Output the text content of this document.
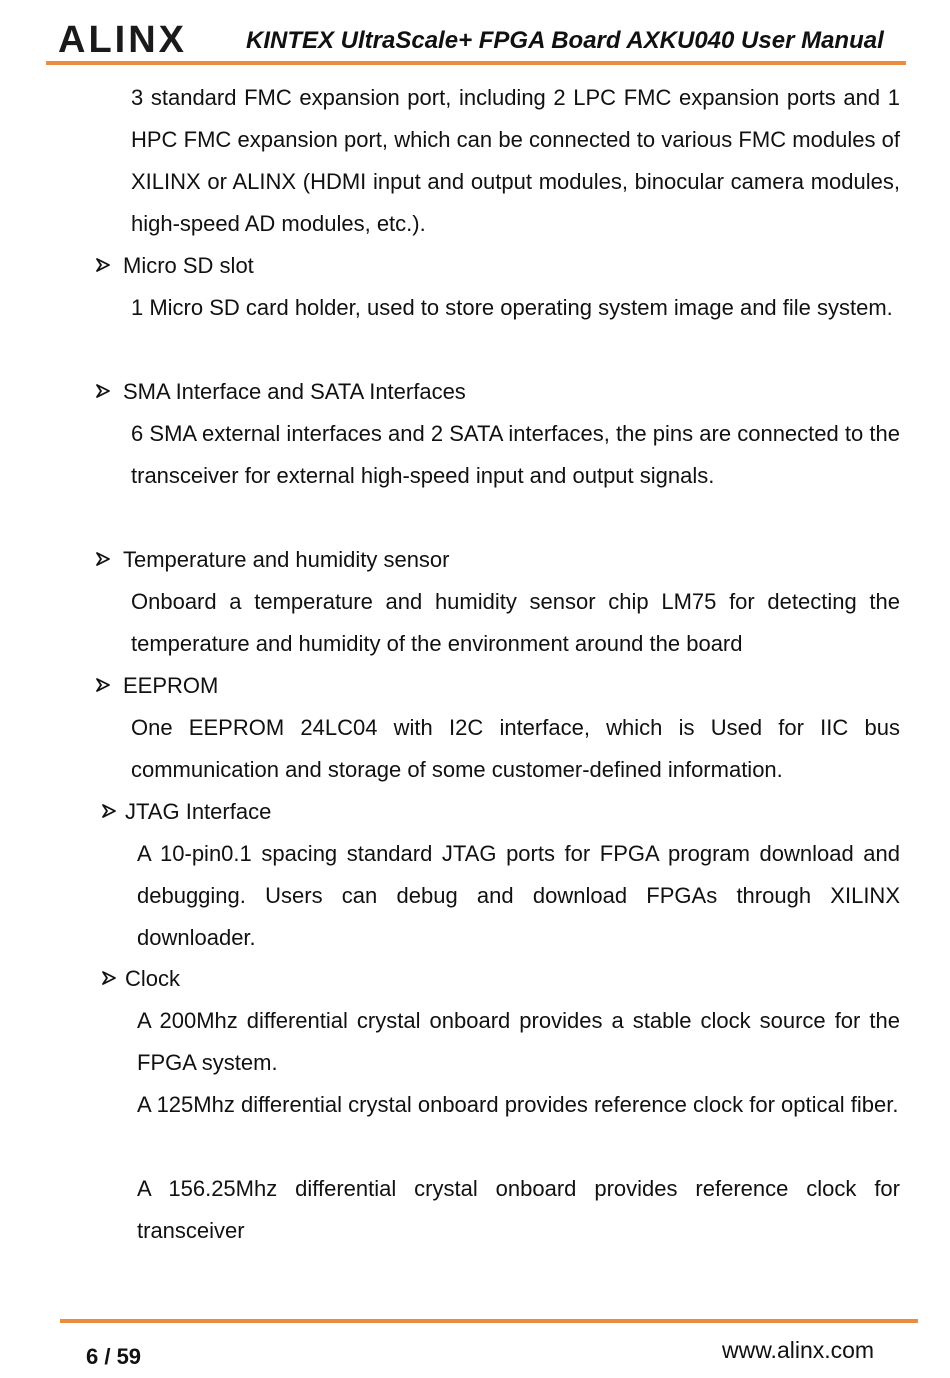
ALINX KINTEX UltraScale+ FPGA Board AXKU040 User Manual

3 standard FMC expansion port, including 2 LPC FMC expansion ports and 1 HPC FMC expansion port, which can be connected to various FMC modules of XILINX or ALINX (HDMI input and output modules, binocular camera modules, high-speed AD modules, etc.).

Micro SD slot

1 Micro SD card holder, used to store operating system image and file system.

SMA Interface and SATA Interfaces

6 SMA external interfaces and 2 SATA interfaces, the pins are connected to the transceiver for external high-speed input and output signals.

Temperature and humidity sensor

Onboard a temperature and humidity sensor chip LM75 for detecting the temperature and humidity of the environment around the board

EEPROM

One EEPROM 24LC04 with I2C interface, which is Used for IIC bus communication and storage of some customer-defined information.

JTAG Interface

A 10-pin0.1 spacing standard JTAG ports for FPGA program download and debugging. Users can debug and download FPGAs through XILINX downloader.

Clock

A 200Mhz differential crystal onboard provides a stable clock source for the FPGA system.

A 125Mhz differential crystal onboard provides reference clock for optical fiber.

A 156.25Mhz differential crystal onboard provides reference clock for transceiver

6 / 59	www.alinx.com
